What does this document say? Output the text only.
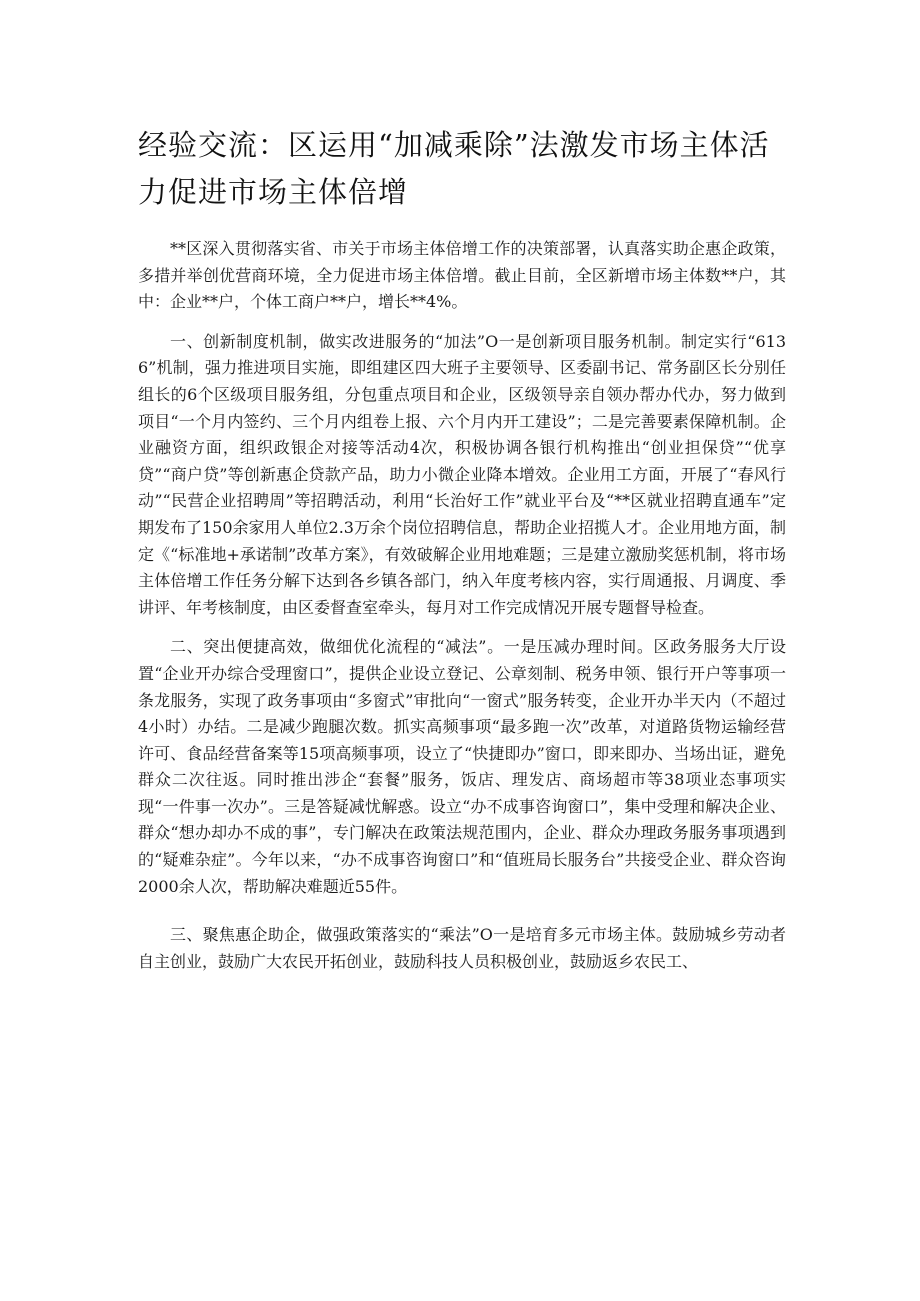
经验交流：区运用“加减乘除”法激发市场主体活力促进市场主体倍增

**区深入贯彻落实省、市关于市场主体倍增工作的决策部署，认真落实助企惠企政策，多措并举创优营商环境，全力促进市场主体倍增。截止目前，全区新增市场主体数**户，其中：企业**户，个体工商户**户，增长**4%。

一、创新制度机制，做实改进服务的“加法”O一是创新项目服务机制。制定实行“6136”机制，强力推进项目实施，即组建区四大班子主要领导、区委副书记、常务副区长分别任组长的6个区级项目服务组，分包重点项目和企业，区级领导亲自领办帮办代办，努力做到项目“一个月内签约、三个月内组卷上报、六个月内开工建设”；二是完善要素保障机制。企业融资方面，组织政银企对接等活动4次，积极协调各银行机构推出“创业担保贷”“优享贷”“商户贷”等创新惠企贷款产品，助力小微企业降本增效。企业用工方面，开展了“春风行动”“民营企业招聘周”等招聘活动，利用“长治好工作”就业平台及“**区就业招聘直通车”定期发布了150余家用人单位2.3万余个岗位招聘信息，帮助企业招揽人才。企业用地方面，制定《“标准地+承诺制”改革方案》，有效破解企业用地难题；三是建立激励奖惩机制，将市场主体倍增工作任务分解下达到各乡镇各部门，纳入年度考核内容，实行周通报、月调度、季讲评、年考核制度，由区委督查室牵头，每月对工作完成情况开展专题督导检查。

二、突出便捷高效，做细优化流程的“减法”。一是压减办理时间。区政务服务大厅设置“企业开办综合受理窗口”，提供企业设立登记、公章刻制、税务申领、银行开户等事项一条龙服务，实现了政务事项由“多窗式”审批向“一窗式”服务转变，企业开办半天内（不超过4小时）办结。二是减少跑腿次数。抓实高频事项“最多跑一次”改革，对道路货物运输经营许可、食品经营备案等15项高频事项，设立了“快捷即办”窗口，即来即办、当场出证，避免群众二次往返。同时推出涉企“套餐”服务，饭店、理发店、商场超市等38项业态事项实现“一件事一次办”。三是答疑减忧解惑。设立“办不成事咨询窗口”，集中受理和解决企业、群众“想办却办不成的事”，专门解决在政策法规范围内，企业、群众办理政务服务事项遇到的“疑难杂症”。今年以来，“办不成事咨询窗口”和“值班局长服务台”共接受企业、群众咨询2000余人次，帮助解决难题近55件。

三、聚焦惠企助企，做强政策落实的“乘法”O一是培育多元市场主体。鼓励城乡劳动者自主创业，鼓励广大农民开拓创业，鼓励科技人员积极创业，鼓励返乡农民工、
